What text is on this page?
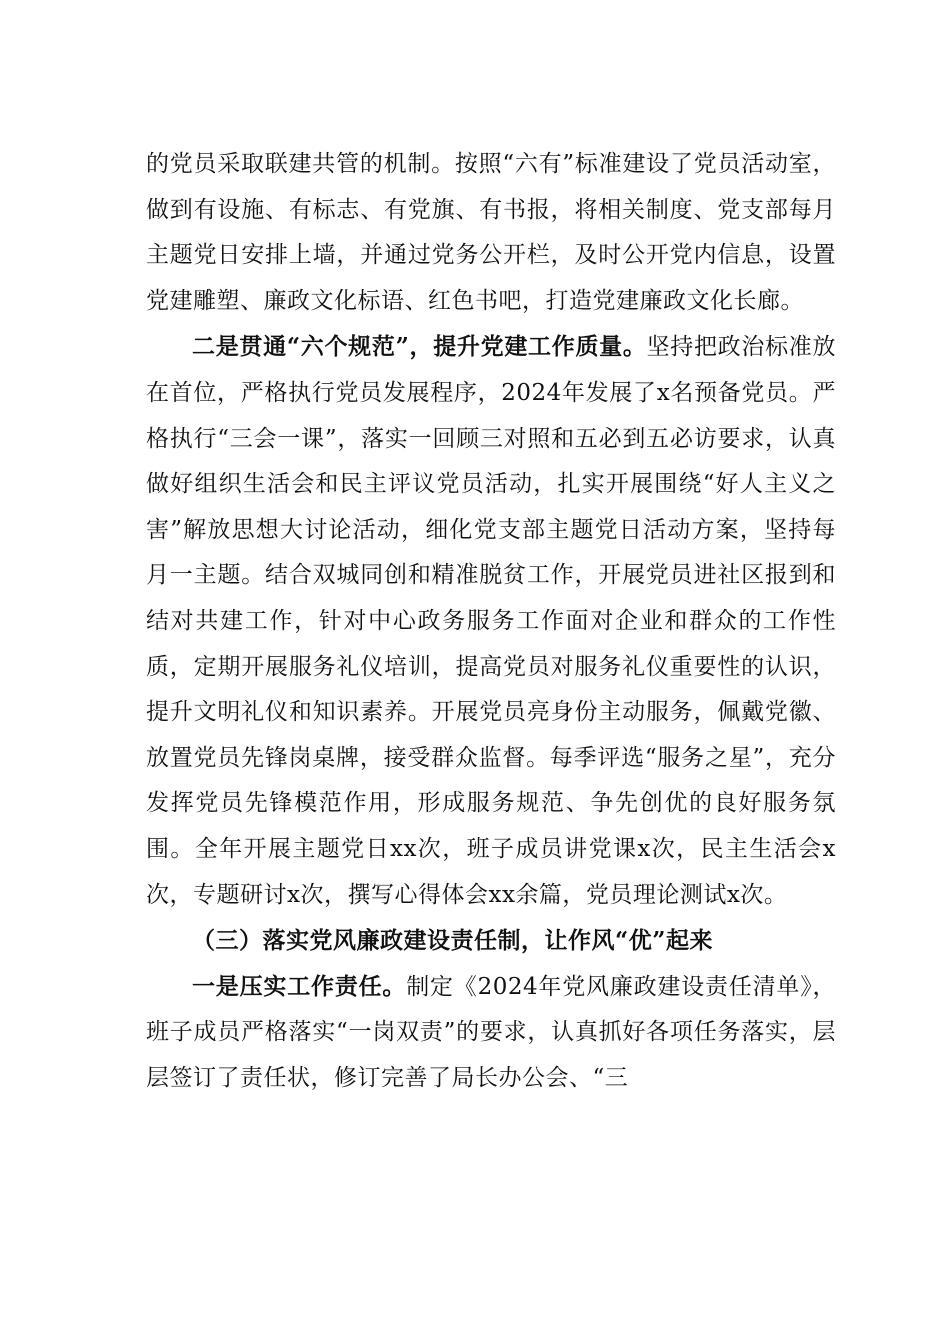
的党员采取联建共管的机制。按照“六有”标准建设了党员活动室，做到有设施、有标志、有党旗、有书报，将相关制度、党支部每月主题党日安排上墙，并通过党务公开栏，及时公开党内信息，设置党建雕塑、廉政文化标语、红色书吧，打造党建廉政文化长廊。

二是贯通“六个规范”，提升党建工作质量。坚持把政治标准放在首位，严格执行党员发展程序，2024年发展了x名预备党员。严格执行“三会一课”，落实一回顾三对照和五必到五必访要求，认真做好组织生活会和民主评议党员活动，扎实开展围绕“好人主义之害”解放思想大讨论活动，细化党支部主题党日活动方案，坚持每月一主题。结合双城同创和精准脱贫工作，开展党员进社区报到和结对共建工作，针对中心政务服务工作面对企业和群众的工作性质，定期开展服务礼仪培训，提高党员对服务礼仪重要性的认识，提升文明礼仪和知识素养。开展党员亮身份主动服务，佩戴党徽、放置党员先锋岗桌牌，接受群众监督。每季评选“服务之星”，充分发挥党员先锋模范作用，形成服务规范、争先创优的良好服务氛围。全年开展主题党日xx次，班子成员讲党课x次，民主生活会x次，专题研讨x次，撰写心得体会xx余篇，党员理论测试x次。

（三）落实党风廉政建设责任制，让作风“优”起来

一是压实工作责任。制定《2024年党风廉政建设责任清单》，班子成员严格落实“一岗双责”的要求，认真抓好各项任务落实，层层签订了责任状，修订完善了局长办公会、“三
